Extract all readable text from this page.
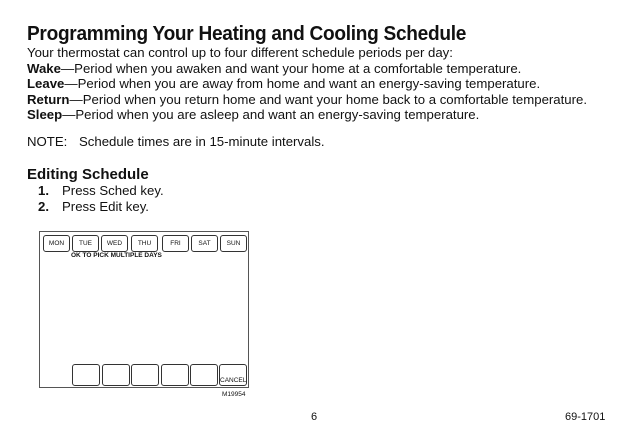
Programming Your Heating and Cooling Schedule
Your thermostat can control up to four different schedule periods per day:
Wake—Period when you awaken and want your home at a comfortable temperature.
Leave—Period when you are away from home and want an energy-saving temperature.
Return—Period when you return home and want your home back to a comfortable temperature.
Sleep—Period when you are asleep and want an energy-saving temperature.
NOTE: Schedule times are in 15-minute intervals.
Editing Schedule
1. Press Sched key.
2. Press Edit key.
MON	TUE	WED	THU	FRI	SAT	SUN
OK TO PICK MULTIPLE DAYS
CANCEL
M19954
6	69-1701
